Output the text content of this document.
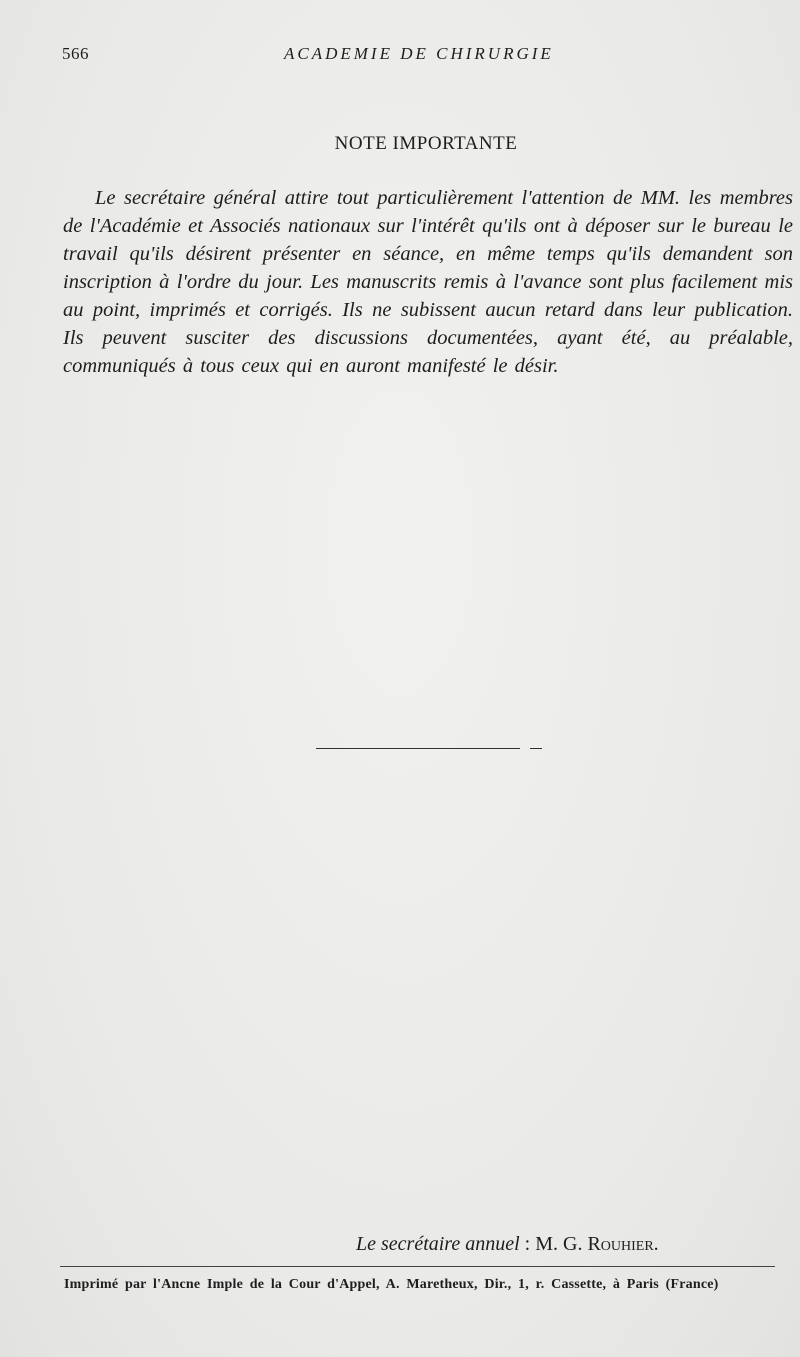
566	ACADEMIE DE CHIRURGIE
NOTE IMPORTANTE

Le secrétaire général attire tout particulièrement l'attention de MM. les membres de l'Académie et Associés nationaux sur l'intérêt qu'ils ont à déposer sur le bureau le travail qu'ils désirent présenter en séance, en même temps qu'ils demandent son inscription à l'ordre du jour. Les manuscrits remis à l'avance sont plus facilement mis au point, imprimés et corrigés. Ils ne subissent aucun retard dans leur publication. Ils peuvent susciter des discussions documentées, ayant été, au préalable, communiqués à tous ceux qui en auront manifesté le désir.

Le secrétaire annuel : M. G. Rouhier.
Imprimé par l'Ancne Imple de la Cour d'Appel, A. Maretheux, Dir., 1, r. Cassette, à Paris (France)
